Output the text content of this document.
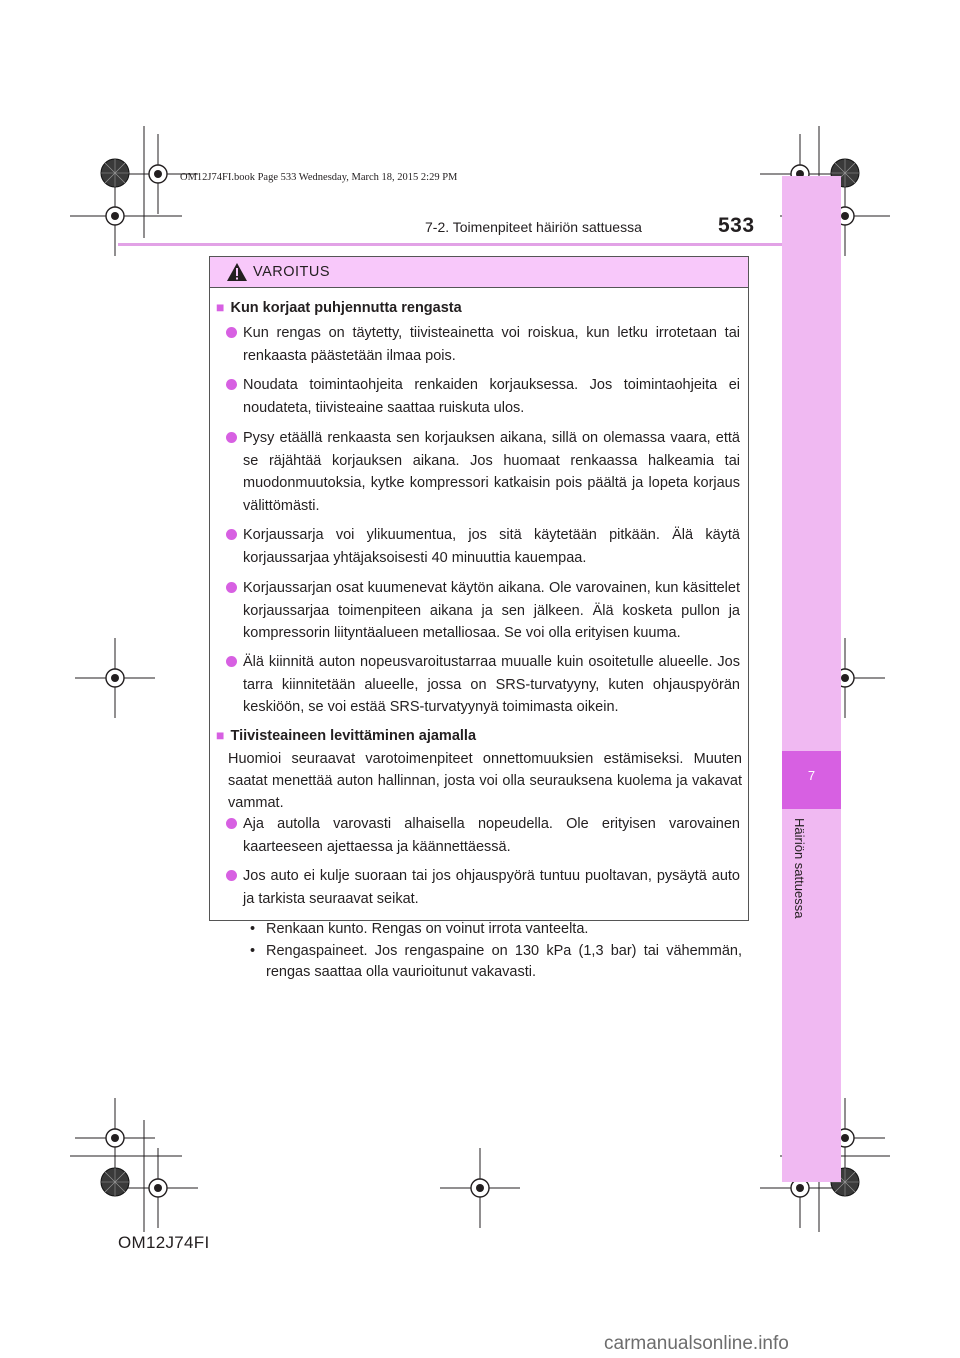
7
Häiriön sattuessa
OM12J74FI.book Page 533 Wednesday, March 18, 2015 2:29 PM
7-2. Toimenpiteet häiriön sattuessa	533
VAROITUS
■ Kun korjaat puhjennutta rengasta
Kun rengas on täytetty, tiivisteainetta voi roiskua, kun letku irrotetaan tai renkaasta päästetään ilmaa pois.
Noudata toimintaohjeita renkaiden korjauksessa. Jos toimintaohjeita ei noudateta, tiivisteaine saattaa ruiskuta ulos.
Pysy etäällä renkaasta sen korjauksen aikana, sillä on olemassa vaara, että se räjähtää korjauksen aikana. Jos huomaat renkaassa halkeamia tai muodonmuutoksia, kytke kompressori katkaisin pois päältä ja lopeta korjaus välittömästi.
Korjaussarja voi ylikuumentua, jos sitä käytetään pitkään. Älä käytä korjaussarjaa yhtäjaksoisesti 40 minuuttia kauempaa.
Korjaussarjan osat kuumenevat käytön aikana. Ole varovainen, kun käsittelet korjaussarjaa toimenpiteen aikana ja sen jälkeen. Älä kosketa pullon ja kompressorin liityntäalueen metalliosaa. Se voi olla erityisen kuuma.
Älä kiinnitä auton nopeusvaroitustarraa muualle kuin osoitetulle alueelle. Jos tarra kiinnitetään alueelle, jossa on SRS-turvatyyny, kuten ohjauspyörän keskiöön, se voi estää SRS-turvatyynyä toimimasta oikein.
■ Tiivisteaineen levittäminen ajamalla
Huomioi seuraavat varotoimenpiteet onnettomuuksien estämiseksi. Muuten saatat menettää auton hallinnan, josta voi olla seurauksena kuolema ja vakavat vammat.
Aja autolla varovasti alhaisella nopeudella. Ole erityisen varovainen kaarteeseen ajettaessa ja käännettäessä.
Jos auto ei kulje suoraan tai jos ohjauspyörä tuntuu puoltavan, pysäytä auto ja tarkista seuraavat seikat.
• Renkaan kunto. Rengas on voinut irrota vanteelta.
• Rengaspaineet. Jos rengaspaine on 130 kPa (1,3 bar) tai vähemmän, rengas saattaa olla vaurioitunut vakavasti.
OM12J74FI
carmanualsonline.info
